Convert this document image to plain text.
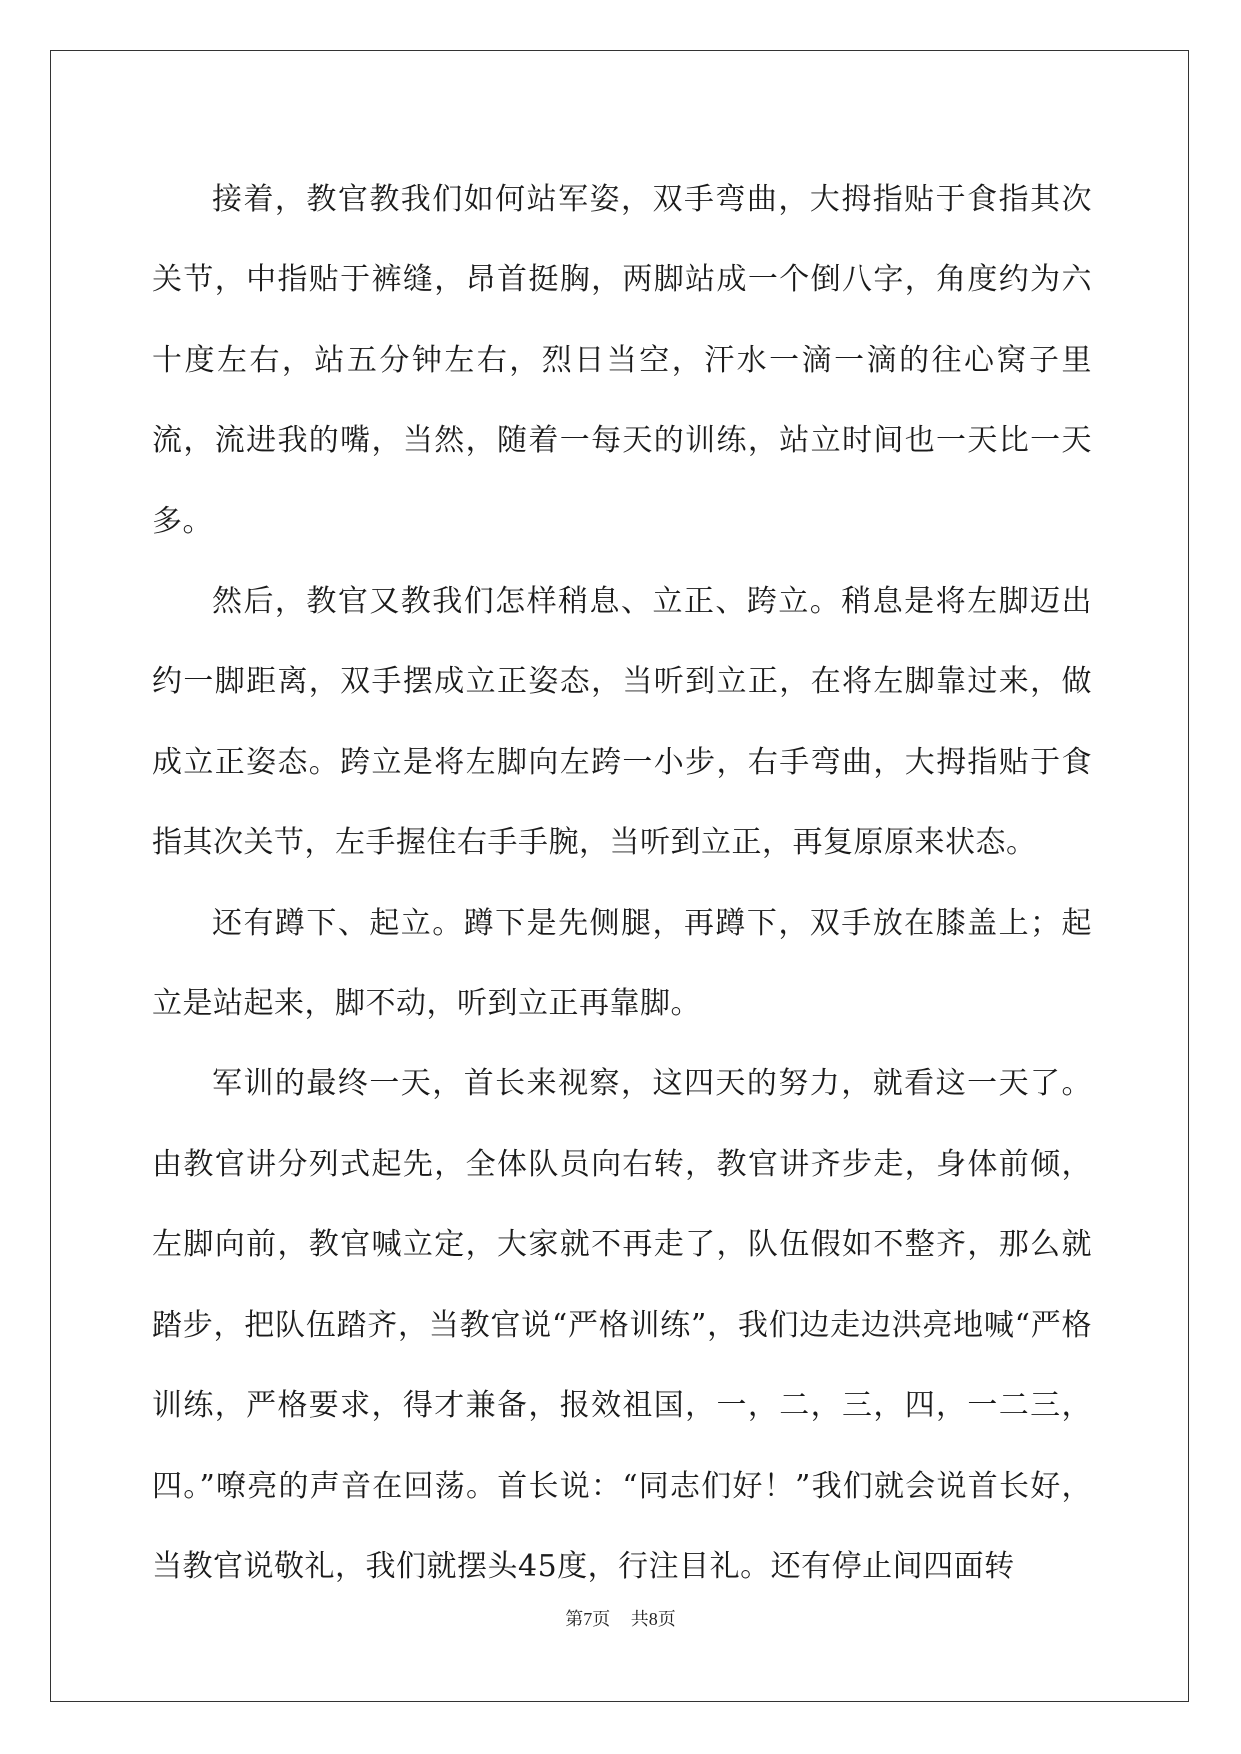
接着，教官教我们如何站军姿，双手弯曲，大拇指贴于食指其次关节，中指贴于裤缝，昂首挺胸，两脚站成一个倒八字，角度约为六十度左右，站五分钟左右，烈日当空，汗水一滴一滴的往心窝子里流，流进我的嘴，当然，随着一每天的训练，站立时间也一天比一天多。

然后，教官又教我们怎样稍息、立正、跨立。稍息是将左脚迈出约一脚距离，双手摆成立正姿态，当听到立正，在将左脚靠过来，做成立正姿态。跨立是将左脚向左跨一小步，右手弯曲，大拇指贴于食指其次关节，左手握住右手手腕，当听到立正，再复原原来状态。

还有蹲下、起立。蹲下是先侧腿，再蹲下，双手放在膝盖上；起立是站起来，脚不动，听到立正再靠脚。

军训的最终一天，首长来视察，这四天的努力，就看这一天了。由教官讲分列式起先，全体队员向右转，教官讲齐步走，身体前倾，左脚向前，教官喊立定，大家就不再走了，队伍假如不整齐，那么就踏步，把队伍踏齐，当教官说“严格训练”，我们边走边洪亮地喊“严格训练，严格要求，得才兼备，报效祖国，一，二，三，四，一二三，四。”嘹亮的声音在回荡。首长说：“同志们好！”我们就会说首长好，当教官说敬礼，我们就摆头45度，行注目礼。还有停止间四面转

第7页 共8页
